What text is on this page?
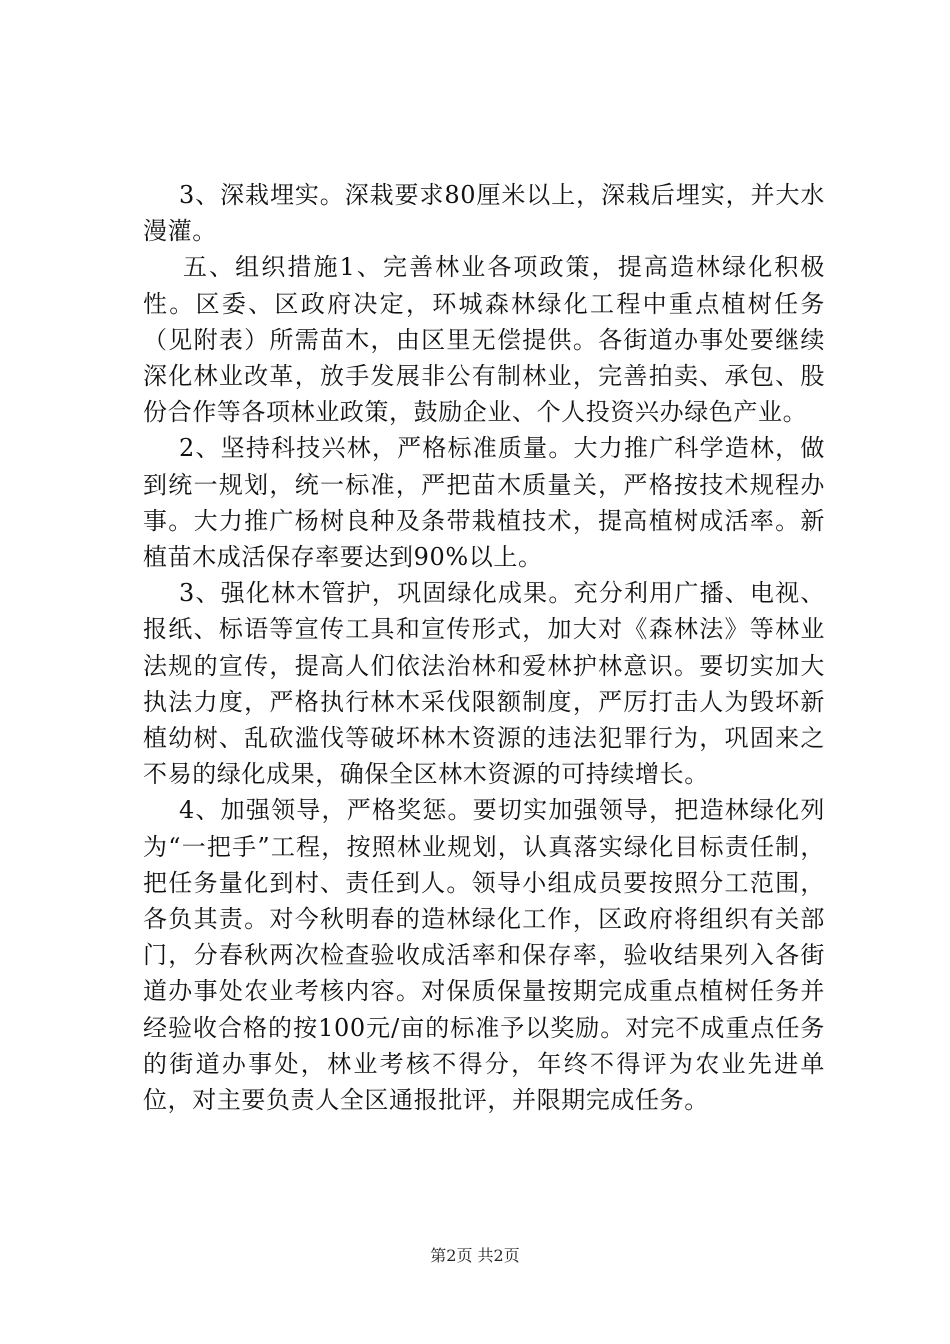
3、深栽埋实。深栽要求80厘米以上，深栽后埋实，并大水漫灌。

五、组织措施1、完善林业各项政策，提高造林绿化积极性。区委、区政府决定，环城森林绿化工程中重点植树任务（见附表）所需苗木，由区里无偿提供。各街道办事处要继续深化林业改革，放手发展非公有制林业，完善拍卖、承包、股份合作等各项林业政策，鼓励企业、个人投资兴办绿色产业。

2、坚持科技兴林，严格标准质量。大力推广科学造林，做到统一规划，统一标准，严把苗木质量关，严格按技术规程办事。大力推广杨树良种及条带栽植技术，提高植树成活率。新植苗木成活保存率要达到90%以上。

3、强化林木管护，巩固绿化成果。充分利用广播、电视、报纸、标语等宣传工具和宣传形式，加大对《森林法》等林业法规的宣传，提高人们依法治林和爱林护林意识。要切实加大执法力度，严格执行林木采伐限额制度，严厉打击人为毁坏新植幼树、乱砍滥伐等破坏林木资源的违法犯罪行为，巩固来之不易的绿化成果，确保全区林木资源的可持续增长。

4、加强领导，严格奖惩。要切实加强领导，把造林绿化列为“一把手”工程，按照林业规划，认真落实绿化目标责任制，把任务量化到村、责任到人。领导小组成员要按照分工范围，各负其责。对今秋明春的造林绿化工作，区政府将组织有关部门，分春秋两次检查验收成活率和保存率，验收结果列入各街道办事处农业考核内容。对保质保量按期完成重点植树任务并经验收合格的按100元/亩的标准予以奖励。对完不成重点任务的街道办事处，林业考核不得分，年终不得评为农业先进单位，对主要负责人全区通报批评，并限期完成任务。

第2页 共2页
